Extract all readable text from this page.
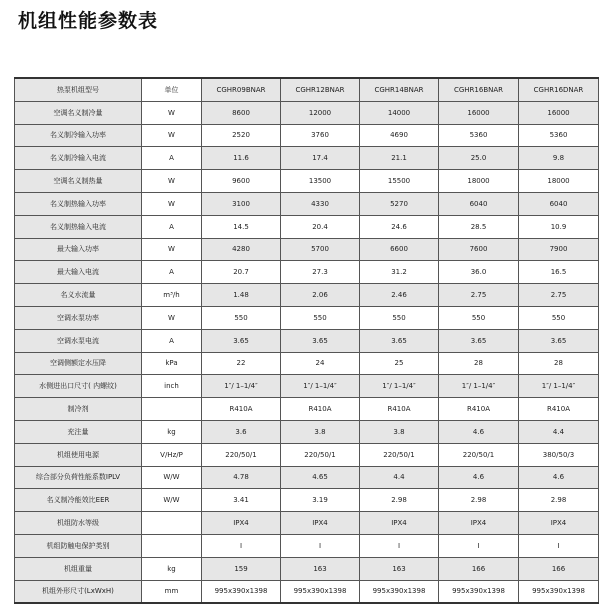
机组性能参数表
热泵机组型号	单位	CGHR09BNAR	CGHR12BNAR	CGHR14BNAR	CGHR16BNAR	CGHR16DNAR
空调名义制冷量	W	8600	12000	14000	16000	16000
名义制冷输入功率	W	2520	3760	4690	5360	5360
名义制冷输入电流	A	11.6	17.4	21.1	25.0	9.8
空调名义制热量	W	9600	13500	15500	18000	18000
名义制热输入功率	W	3100	4330	5270	6040	6040
名义制热输入电流	A	14.5	20.4	24.6	28.5	10.9
最大输入功率	W	4280	5700	6600	7600	7900
最大输入电流	A	20.7	27.3	31.2	36.0	16.5
名义水流量	m³/h	1.48	2.06	2.46	2.75	2.75
空调水泵功率	W	550	550	550	550	550
空调水泵电流	A	3.65	3.65	3.65	3.65	3.65
空调侧额定水压降	kPa	22	24	25	28	28
水侧进出口尺寸( 内螺纹)	inch	1″/ 1–1/4″	1″/ 1–1/4″	1″/ 1–1/4″	1″/ 1–1/4″	1″/ 1–1/4″
制冷剂		R410A	R410A	R410A	R410A	R410A
充注量	kg	3.6	3.8	3.8	4.6	4.4
机组使用电源	V/Hz/P	220/50/1	220/50/1	220/50/1	220/50/1	380/50/3
综合部分负荷性能系数IPLV	W/W	4.78	4.65	4.4	4.6	4.6
名义制冷能效比EER	W/W	3.41	3.19	2.98	2.98	2.98
机组防水等级		IPX4	IPX4	IPX4	IPX4	IPX4
机组防触电保护类别		I	I	I	I	I
机组重量	kg	159	163	163	166	166
机组外形尺寸(LxWxH)	mm	995x390x1398	995x390x1398	995x390x1398	995x390x1398	995x390x1398
